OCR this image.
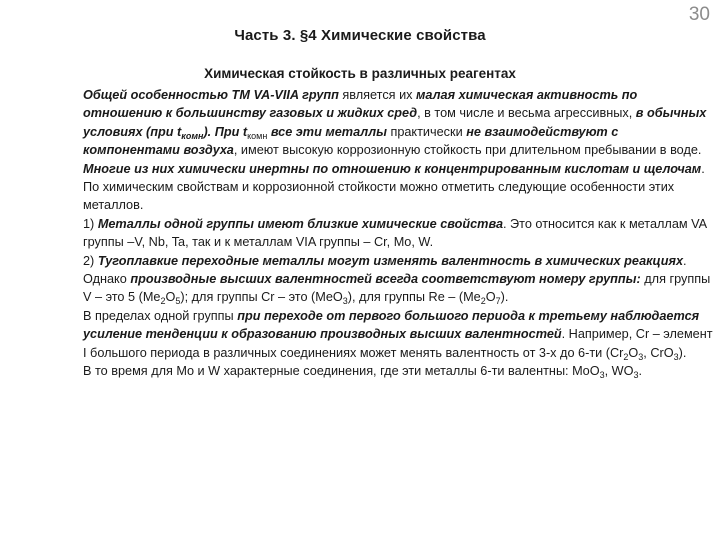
30
Часть 3. §4 Химические свойства
Химическая стойкость в различных реагентах

Общей особенностью ТМ VA-VIIA групп является их малая химическая активность по отношению к большинству газовых и жидких сред, в том числе и весьма агрессивных, в обычных условиях (при $t_{комн}$). При $t_{комн}$ все эти металлы практически не взаимодействуют с компонентами воздуха, имеют высокую коррозионную стойкость при длительном пребывании в воде. Многие из них химически инертны по отношению к концентрированным кислотам и щелочам.

По химическим свойствам и коррозионной стойкости можно отметить следующие особенности этих металлов.

1) Металлы одной группы имеют близкие химические свойства. Это относится как к металлам VA группы –V, Nb, Ta, так и к металлам VIA группы – Cr, Mo, W.

2) Тугоплавкие переходные металлы могут изменять валентность в химических реакциях. Однако производные высших валентностей всегда соответствуют номеру группы: для группы V – это 5 $(Me_2O_5)$; для группы Cr – это (MeO$_3$), для группы Re – $(Me_2O_7)$.

В пределах одной группы при переходе от первого большого периода к третьему наблюдается усиление тенденции к образованию производных высших валентностей. Например, Cr – элемент I большого периода в различных соединениях может менять валентность от 3-х до 6-ти ($Cr_2O_3$, CrO$_3$).

В то время для Mo и W характерные соединения, где эти металлы 6-ти валентны: MoO$_3$, $WO_3$.
